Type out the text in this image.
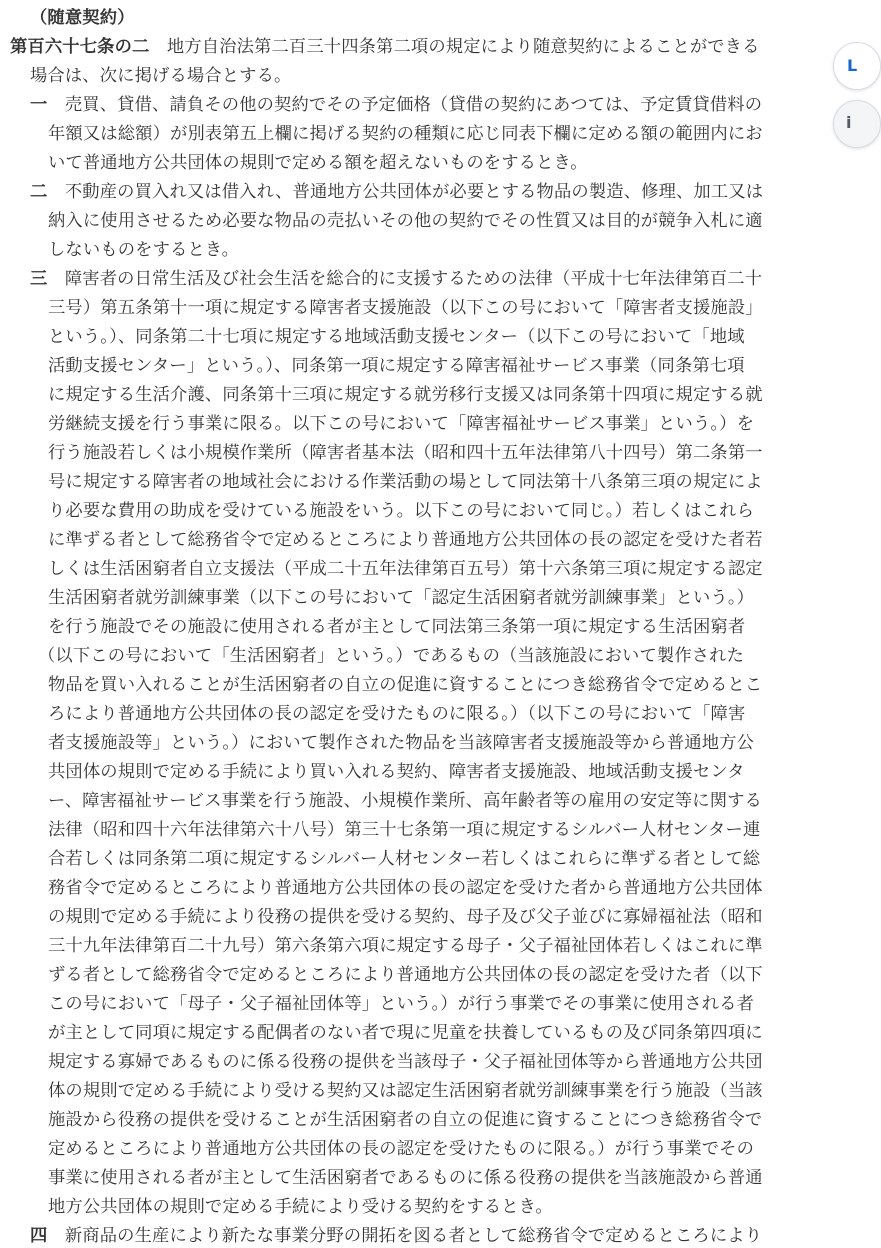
（随意契約）
第百六十七条の二　地方自治法第二百三十四条第二項の規定により随意契約によることができる
場合は、次に掲げる場合とする。
一　売買、貸借、請負その他の契約でその予定価格（貸借の契約にあつては、予定賃貸借料の
年額又は総額）が別表第五上欄に掲げる契約の種類に応じ同表下欄に定める額の範囲内にお
いて普通地方公共団体の規則で定める額を超えないものをするとき。
二　不動産の買入れ又は借入れ、普通地方公共団体が必要とする物品の製造、修理、加工又は
納入に使用させるため必要な物品の売払いその他の契約でその性質又は目的が競争入札に適
しないものをするとき。
三　障害者の日常生活及び社会生活を総合的に支援するための法律（平成十七年法律第百二十
三号）第五条第十一項に規定する障害者支援施設（以下この号において「障害者支援施設」
という。）、同条第二十七項に規定する地域活動支援センター（以下この号において「地域
活動支援センター」という。）、同条第一項に規定する障害福祉サービス事業（同条第七項
に規定する生活介護、同条第十三項に規定する就労移行支援又は同条第十四項に規定する就
労継続支援を行う事業に限る。以下この号において「障害福祉サービス事業」という。）を
行う施設若しくは小規模作業所（障害者基本法（昭和四十五年法律第八十四号）第二条第一
号に規定する障害者の地域社会における作業活動の場として同法第十八条第三項の規定によ
り必要な費用の助成を受けている施設をいう。以下この号において同じ。）若しくはこれら
に準ずる者として総務省令で定めるところにより普通地方公共団体の長の認定を受けた者若
しくは生活困窮者自立支援法（平成二十五年法律第百五号）第十六条第三項に規定する認定
生活困窮者就労訓練事業（以下この号において「認定生活困窮者就労訓練事業」という。）
を行う施設でその施設に使用される者が主として同法第三条第一項に規定する生活困窮者
（以下この号において「生活困窮者」という。）であるもの（当該施設において製作された
物品を買い入れることが生活困窮者の自立の促進に資することにつき総務省令で定めるとこ
ろにより普通地方公共団体の長の認定を受けたものに限る。）（以下この号において「障害
者支援施設等」という。）において製作された物品を当該障害者支援施設等から普通地方公
共団体の規則で定める手続により買い入れる契約、障害者支援施設、地域活動支援センタ
ー、障害福祉サービス事業を行う施設、小規模作業所、高年齢者等の雇用の安定等に関する
法律（昭和四十六年法律第六十八号）第三十七条第一項に規定するシルバー人材センター連
合若しくは同条第二項に規定するシルバー人材センター若しくはこれらに準ずる者として総
務省令で定めるところにより普通地方公共団体の長の認定を受けた者から普通地方公共団体
の規則で定める手続により役務の提供を受ける契約、母子及び父子並びに寡婦福祉法（昭和
三十九年法律第百二十九号）第六条第六項に規定する母子・父子福祉団体若しくはこれに準
ずる者として総務省令で定めるところにより普通地方公共団体の長の認定を受けた者（以下
この号において「母子・父子福祉団体等」という。）が行う事業でその事業に使用される者
が主として同項に規定する配偶者のない者で現に児童を扶養しているもの及び同条第四項に
規定する寡婦であるものに係る役務の提供を当該母子・父子福祉団体等から普通地方公共団
体の規則で定める手続により受ける契約又は認定生活困窮者就労訓練事業を行う施設（当該
施設から役務の提供を受けることが生活困窮者の自立の促進に資することにつき総務省令で
定めるところにより普通地方公共団体の長の認定を受けたものに限る。）が行う事業でその
事業に使用される者が主として生活困窮者であるものに係る役務の提供を当該施設から普通
地方公共団体の規則で定める手続により受ける契約をするとき。
四　新商品の生産により新たな事業分野の開拓を図る者として総務省令で定めるところにより
L
i
